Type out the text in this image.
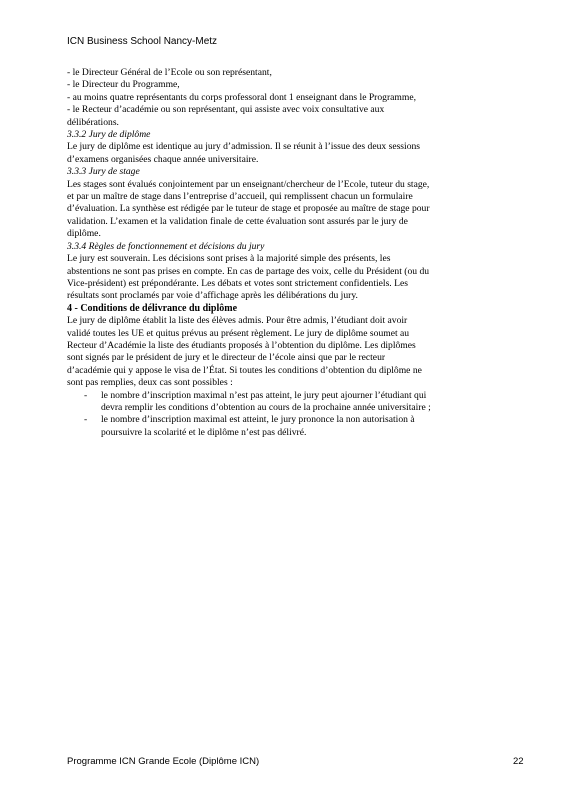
ICN Business School Nancy-Metz

- le Directeur Général de l’Ecole ou son représentant,
- le Directeur du Programme,
- au moins quatre représentants du corps professoral dont 1 enseignant dans le Programme,
- le Recteur d’académie ou son représentant, qui assiste avec voix consultative aux
délibérations.

3.3.2 Jury de diplôme

Le jury de diplôme est identique au jury d’admission. Il se réunit à l’issue des deux sessions
d’examens organisées chaque année universitaire.

3.3.3 Jury de stage

Les stages sont évalués conjointement par un enseignant/chercheur de l’Ecole, tuteur du stage,
et par un maître de stage dans l’entreprise d’accueil, qui remplissent chacun un formulaire
d’évaluation. La synthèse est rédigée par le tuteur de stage et proposée au maître de stage pour
validation. L’examen et la validation finale de cette évaluation sont assurés par le jury de
diplôme.

3.3.4 Règles de fonctionnement et décisions du jury

Le jury est souverain. Les décisions sont prises à la majorité simple des présents, les
abstentions ne sont pas prises en compte. En cas de partage des voix, celle du Président (ou du
Vice-président) est prépondérante. Les débats et votes sont strictement confidentiels. Les
résultats sont proclamés par voie d’affichage après les délibérations du jury.

4 - Conditions de délivrance du diplôme

Le jury de diplôme établit la liste des élèves admis. Pour être admis, l’étudiant doit avoir
validé toutes les UE et quitus prévus au présent règlement. Le jury de diplôme soumet au
Recteur d’Académie la liste des étudiants proposés à l’obtention du diplôme. Les diplômes
sont signés par le président de jury et le directeur de l’école ainsi que par le recteur
d’académie qui y appose le visa de l’État. Si toutes les conditions d’obtention du diplôme ne
sont pas remplies, deux cas sont possibles :

- le nombre d’inscription maximal n’est pas atteint, le jury peut ajourner l’étudiant qui
devra remplir les conditions d’obtention au cours de la prochaine année universitaire ;
- le nombre d’inscription maximal est atteint, le jury prononce la non autorisation à
poursuivre la scolarité et le diplôme n’est pas délivré.
Programme ICN Grande Ecole (Diplôme ICN)	22
